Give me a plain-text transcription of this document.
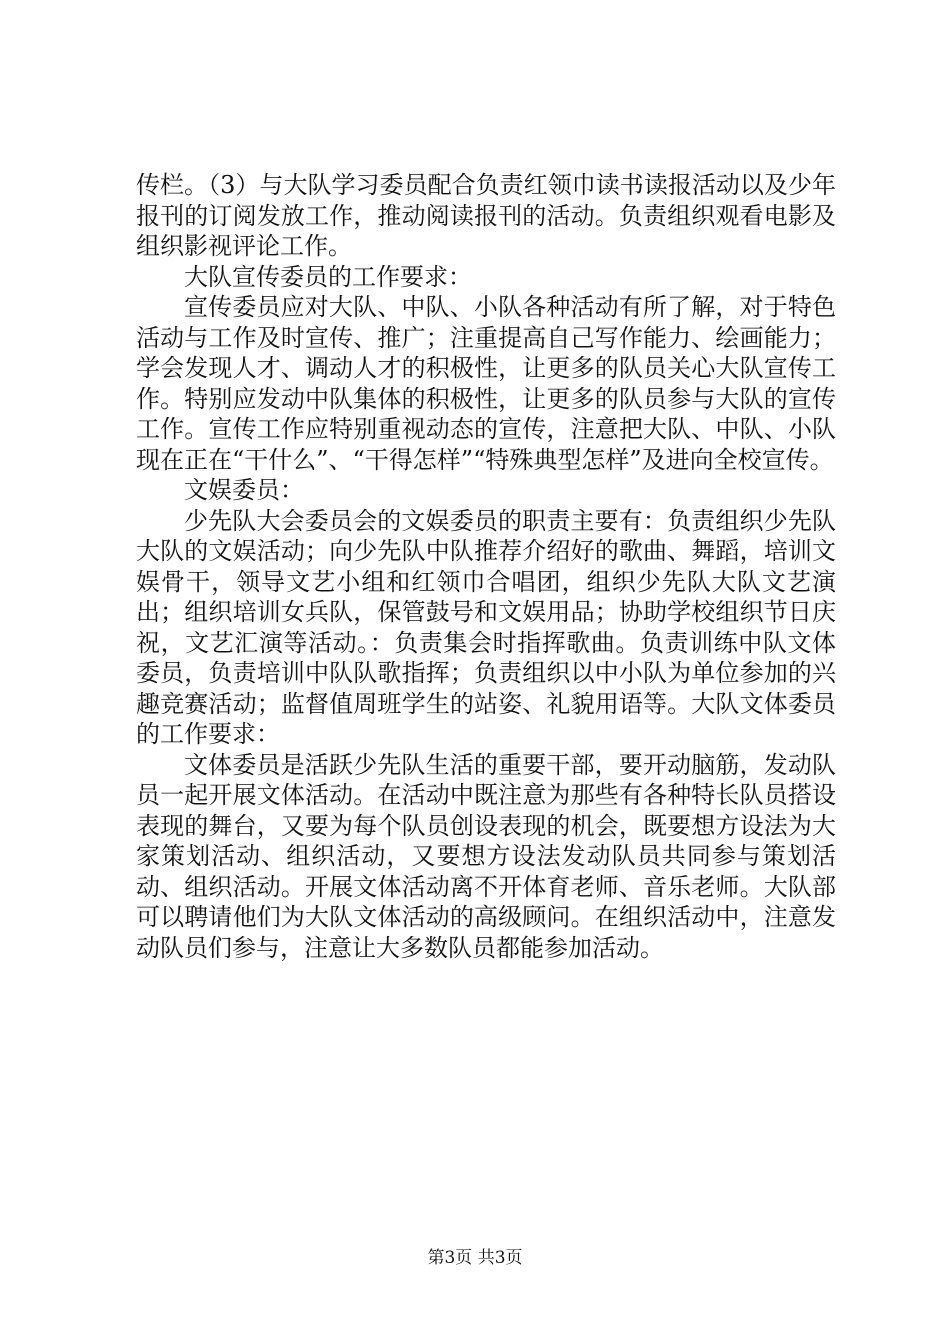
传栏。（3）与大队学习委员配合负责红领巾读书读报活动以及少年报刊的订阅发放工作，推动阅读报刊的活动。负责组织观看电影及组织影视评论工作。

大队宣传委员的工作要求：

宣传委员应对大队、中队、小队各种活动有所了解，对于特色活动与工作及时宣传、推广；注重提高自己写作能力、绘画能力；学会发现人才、调动人才的积极性，让更多的队员关心大队宣传工作。特别应发动中队集体的积极性，让更多的队员参与大队的宣传工作。宣传工作应特别重视动态的宣传，注意把大队、中队、小队现在正在“干什么”、“干得怎样”“特殊典型怎样”及进向全校宣传。

文娱委员：

少先队大会委员会的文娱委员的职责主要有：负责组织少先队大队的文娱活动；向少先队中队推荐介绍好的歌曲、舞蹈，培训文娱骨干，领导文艺小组和红领巾合唱团，组织少先队大队文艺演出；组织培训女兵队，保管鼓号和文娱用品；协助学校组织节日庆祝，文艺汇演等活动。：负责集会时指挥歌曲。负责训练中队文体委员，负责培训中队队歌指挥；负责组织以中小队为单位参加的兴趣竞赛活动；监督值周班学生的站姿、礼貌用语等。大队文体委员的工作要求：

文体委员是活跃少先队生活的重要干部，要开动脑筋，发动队员一起开展文体活动。在活动中既注意为那些有各种特长队员搭设表现的舞台，又要为每个队员创设表现的机会，既要想方设法为大家策划活动、组织活动，又要想方设法发动队员共同参与策划活动、组织活动。开展文体活动离不开体育老师、音乐老师。大队部可以聘请他们为大队文体活动的高级顾问。在组织活动中，注意发动队员们参与，注意让大多数队员都能参加活动。

第3页 共3页
